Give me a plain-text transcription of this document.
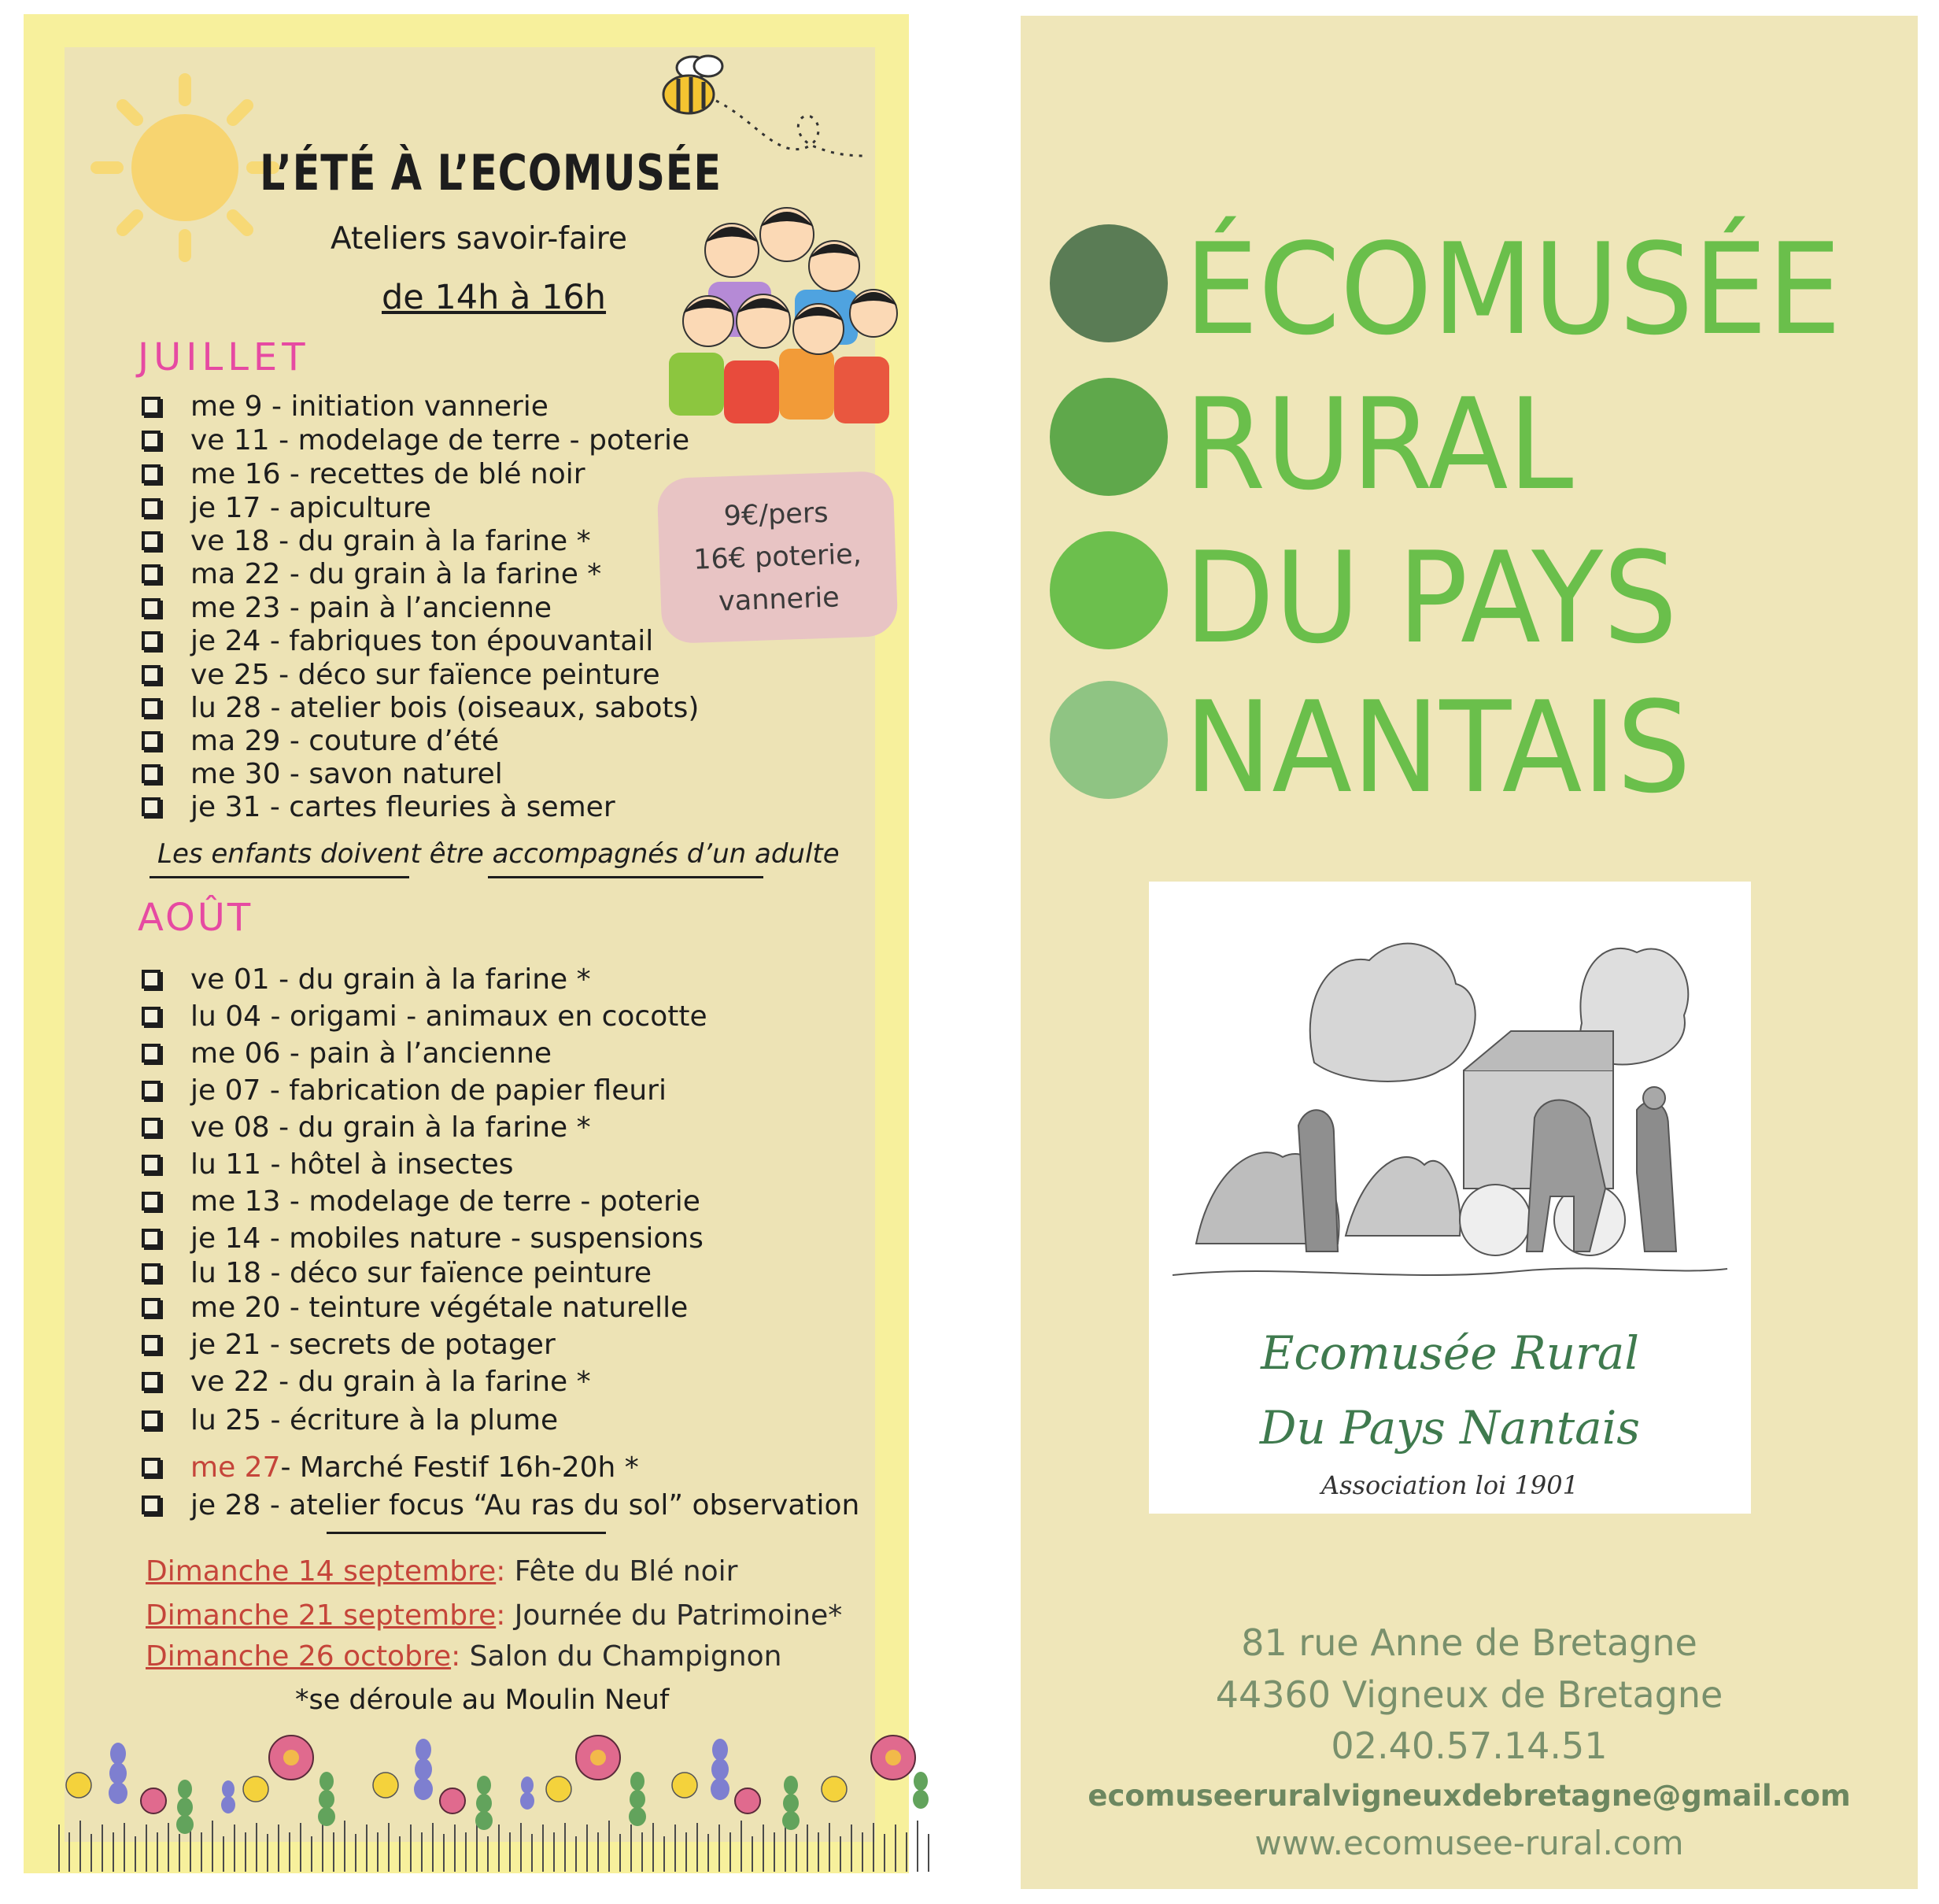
L’ÉTÉ À L’ECOMUSÉE
Ateliers savoir-faire
de 14h à 16h
JUILLET
me 9 - initiation vannerie
ve 11 - modelage de terre - poterie
me 16 - recettes de blé noir
je 17 - apiculture
ve 18 - du grain à la farine *
ma 22 - du grain à la farine *
me 23 - pain à l’ancienne
je 24 - fabriques ton épouvantail
ve 25 - déco sur faïence peinture
lu 28 - atelier bois (oiseaux, sabots)
ma 29 - couture d’été
me 30 - savon naturel
je 31 - cartes fleuries à semer
9€/pers
16€ poterie,
vannerie
Les enfants doivent être accompagnés d’un adulte
AOÛT
ve 01 - du grain à la farine *
lu 04 - origami - animaux en cocotte
me 06 - pain à l’ancienne
je 07 - fabrication de papier fleuri
ve 08 - du grain à la farine *
lu 11 - hôtel à insectes
me 13 - modelage de terre - poterie
je 14 - mobiles nature - suspensions
lu 18 - déco sur faïence peinture
me 20 - teinture végétale naturelle
je 21 - secrets de potager
ve 22 - du grain à la farine *
lu 25 - écriture à la plume
me 27 - Marché Festif 16h-20h *
je 28 - atelier focus “Au ras du sol” observation
Dimanche 14 septembre: Fête du Blé noir
Dimanche 21 septembre: Journée du Patrimoine*
Dimanche 26 octobre: Salon du Champignon
*se déroule au Moulin Neuf
ÉCOMUSÉE
RURAL
DU PAYS
NANTAIS
Ecomusée Rural
Du Pays Nantais
Association loi 1901
81 rue Anne de Bretagne
44360 Vigneux de Bretagne
02.40.57.14.51
ecomuseeruralvigneuxdebretagne@gmail.com
www.ecomusee-rural.com
